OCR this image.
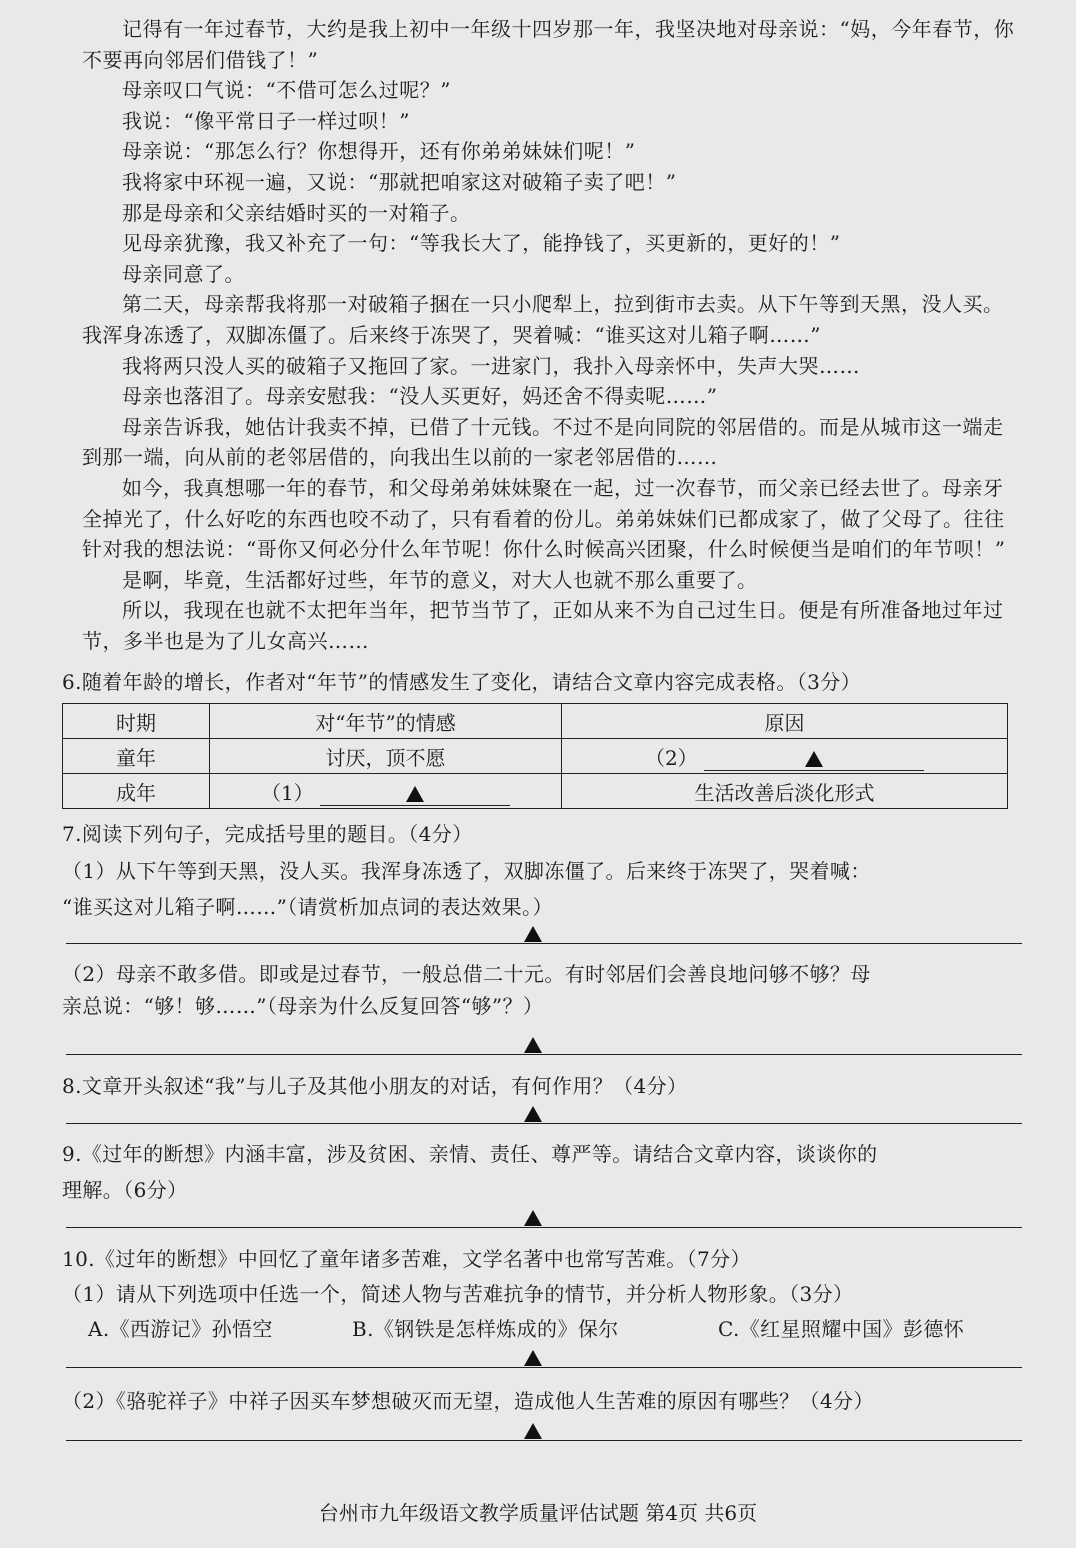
记得有一年过春节，大约是我上初中一年级十四岁那一年，我坚决地对母亲说：“妈，今年春节，你不要再向邻居们借钱了！”

母亲叹口气说：“不借可怎么过呢？”

我说：“像平常日子一样过呗！”

母亲说：“那怎么行？你想得开，还有你弟弟妹妹们呢！”

我将家中环视一遍，又说：“那就把咱家这对破箱子卖了吧！”

那是母亲和父亲结婚时买的一对箱子。

见母亲犹豫，我又补充了一句：“等我长大了，能挣钱了，买更新的，更好的！”

母亲同意了。

第二天，母亲帮我将那一对破箱子捆在一只小爬犁上，拉到街市去卖。从下午等到天黑，没人买。我浑身冻透了，双脚冻僵了。后来终于冻哭了，哭着喊：“谁买这对儿箱子啊……”

我将两只没人买的破箱子又拖回了家。一进家门，我扑入母亲怀中，失声大哭……

母亲也落泪了。母亲安慰我：“没人买更好，妈还舍不得卖呢……”

母亲告诉我，她估计我卖不掉，已借了十元钱。不过不是向同院的邻居借的。而是从城市这一端走到那一端，向从前的老邻居借的，向我出生以前的一家老邻居借的……

如今，我真想哪一年的春节，和父母弟弟妹妹聚在一起，过一次春节，而父亲已经去世了。母亲牙全掉光了，什么好吃的东西也咬不动了，只有看着的份儿。弟弟妹妹们已都成家了，做了父母了。往往针对我的想法说：“哥你又何必分什么年节呢！你什么时候高兴团聚，什么时候便当是咱们的年节呗！”

是啊，毕竟，生活都好过些，年节的意义，对大人也就不那么重要了。

所以，我现在也就不太把年当年，把节当节了，正如从来不为自己过生日。便是有所准备地过年过节，多半也是为了儿女高兴……

6.随着年龄的增长，作者对“年节”的情感发生了变化，请结合文章内容完成表格。（3分）
时期	对“年节”的情感	原因
童年	讨厌，顶不愿	（2）
成年	（1）	生活改善后淡化形式
7.阅读下列句子，完成括号里的题目。（4分）
（1）从下午等到天黑，没人买。我浑身冻透了，双脚冻僵了。后来终于冻哭了，哭着喊：
“谁买这对儿箱子啊……”（请赏析加点词的表达效果。）
（2）母亲不敢多借。即或是过春节，一般总借二十元。有时邻居们会善良地问够不够？母
亲总说：“够！够……”（母亲为什么反复回答“够”？）
8.文章开头叙述“我”与儿子及其他小朋友的对话，有何作用？（4分）
9.《过年的断想》内涵丰富，涉及贫困、亲情、责任、尊严等。请结合文章内容，谈谈你的
理解。（6分）
10.《过年的断想》中回忆了童年诸多苦难，文学名著中也常写苦难。（7分）
（1）请从下列选项中任选一个，简述人物与苦难抗争的情节，并分析人物形象。（3分）
A.《西游记》孙悟空	B.《钢铁是怎样炼成的》保尔	C.《红星照耀中国》彭德怀
（2）《骆驼祥子》中祥子因买车梦想破灭而无望，造成他人生苦难的原因有哪些？（4分）
台州市九年级语文教学质量评估试题 第4页 共6页
